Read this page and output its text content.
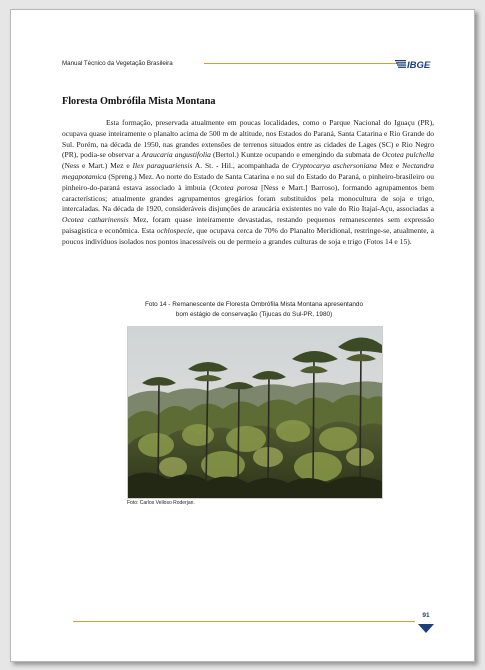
Manual Técnico da Vegetação Brasileira	IBGE
Floresta Ombrófila Mista Montana

Esta formação, preservada atualmente em poucas localidades, como o Parque Nacional do Iguaçu (PR), ocupava quase inteiramente o planalto acima de 500 m de altitude, nos Estados do Paraná, Santa Catarina e Rio Grande do Sul. Porém, na década de 1950, nas grandes extensões de terrenos situados entre as cidades de Lages (SC) e Rio Negro (PR), podia-se observar a Araucaria angustifolia (Bertol.) Kuntze ocupando e emergindo da submata de Ocotea pulchella (Ness e Mart.) Mez e Ilex paraguariensis A. St. - Hil., acompanhada de Cryptocarya aschersoniana Mez e Nectandra megapotamica (Spreng.) Mez. Ao norte do Estado de Santa Catarina e no sul do Estado do Paraná, o pinheiro-brasileiro ou pinheiro-do-paraná estava associado à imbuia (Ocotea porosa [Ness e Mart.] Barroso), formando agrupamentos bem característicos; atualmente grandes agrupamentos gregários foram substituídos pela monocultura de soja e trigo, intercaladas. Na década de 1920, consideráveis disjunções de araucária existentes no vale do Rio Itajaí-Açu, associadas a Ocotea catharinensis Mez, foram quase inteiramente devastadas, restando pequenos remanescentes sem expressão paisagística e econômica. Esta ochlospecie, que ocupava cerca de 70% do Planalto Meridional, restringe-se, atualmente, a poucos indivíduos isolados nos pontos inacessíveis ou de permeio a grandes culturas de soja e trigo (Fotos 14 e 15).

Foto 14 - Remanescente de Floresta Ombrófila Mista Montana apresentando
bom estágio de conservação (Tijucas do Sul-PR, 1980)
Foto: Carlos Velloso Roderjan.
91
